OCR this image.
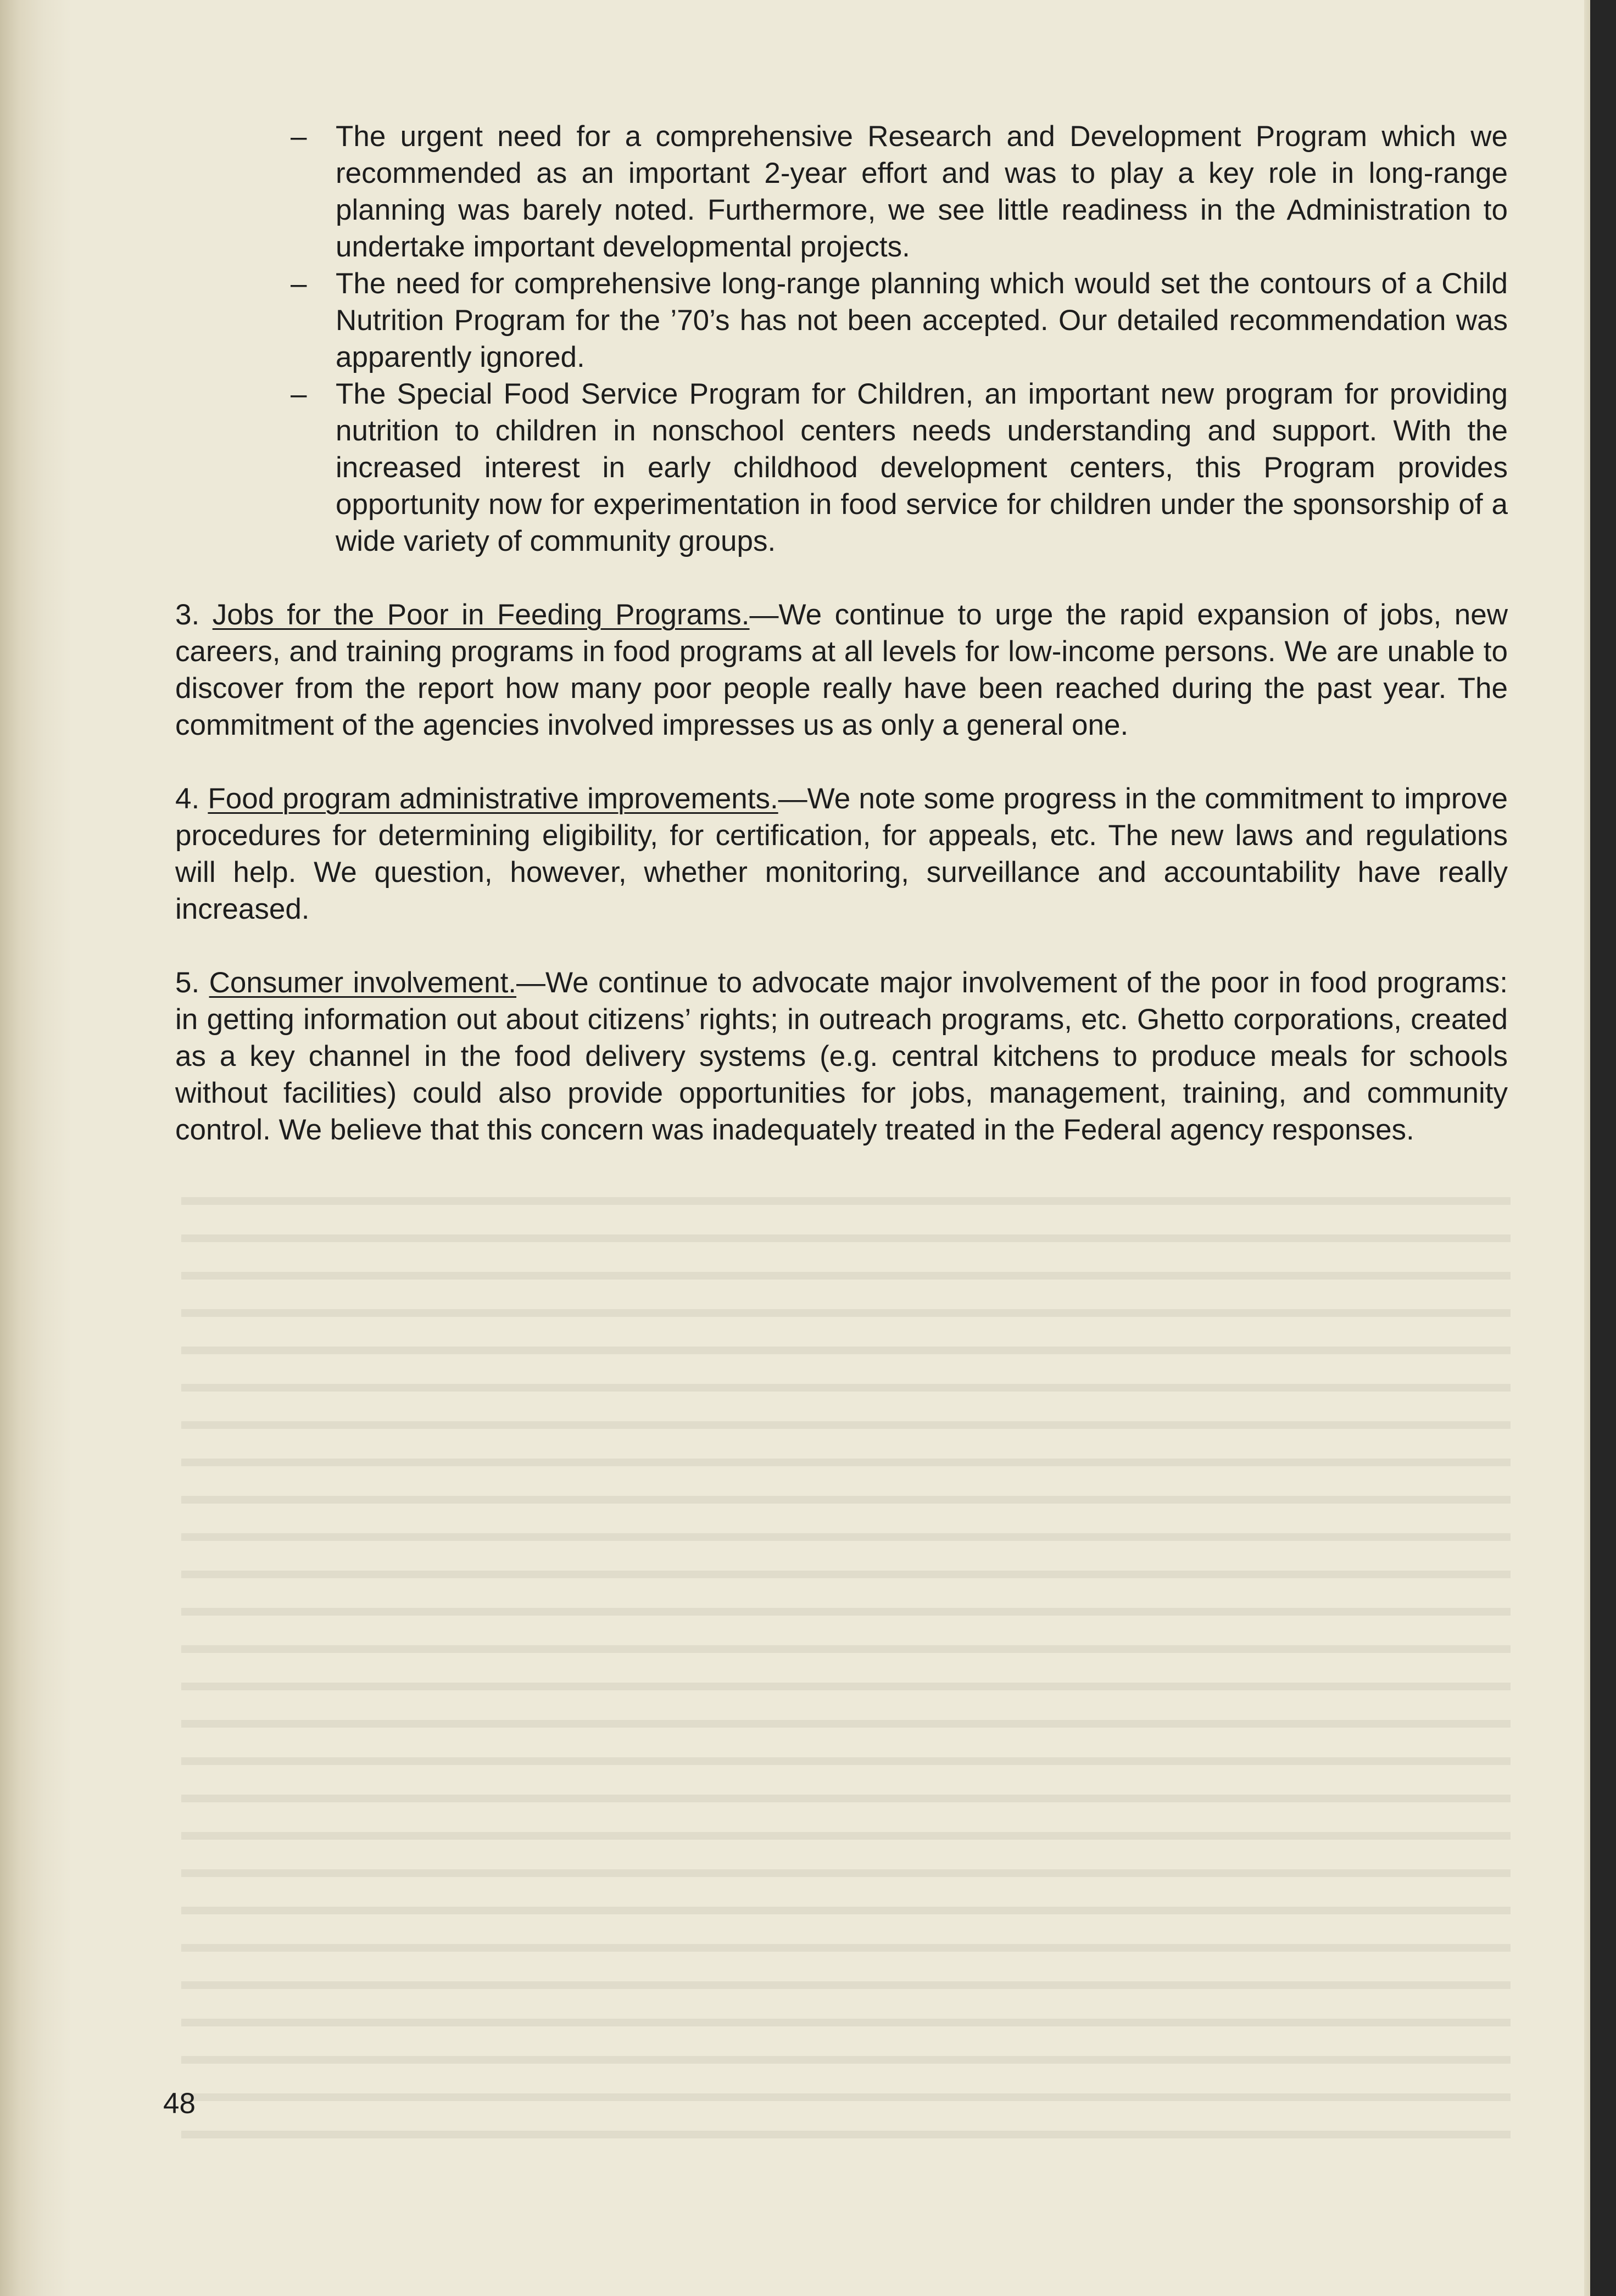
– The urgent need for a comprehensive Research and Development Program which we recommended as an important 2-year effort and was to play a key role in long-range planning was barely noted. Furthermore, we see little readiness in the Administration to undertake important developmental projects.
– The need for comprehensive long-range planning which would set the contours of a Child Nutrition Program for the ’70’s has not been accepted. Our detailed recommendation was apparently ignored.
– The Special Food Service Program for Children, an important new program for providing nutrition to children in nonschool centers needs understanding and support. With the increased interest in early childhood development centers, this Program provides opportunity now for experimentation in food service for children under the sponsorship of a wide variety of community groups.
3. Jobs for the Poor in Feeding Programs.—We continue to urge the rapid expansion of jobs, new careers, and training programs in food programs at all levels for low-income persons. We are unable to discover from the report how many poor people really have been reached during the past year. The commitment of the agencies involved impresses us as only a general one.
4. Food program administrative improvements.—We note some progress in the commitment to improve procedures for determining eligibility, for certification, for appeals, etc. The new laws and regulations will help. We question, however, whether monitoring, surveillance and accountability have really increased.
5. Consumer involvement.—We continue to advocate major involvement of the poor in food programs: in getting information out about citizens’ rights; in outreach programs, etc. Ghetto corporations, created as a key channel in the food delivery systems (e.g. central kitchens to produce meals for schools without facilities) could also provide opportunities for jobs, management, training, and community control. We believe that this concern was inadequately treated in the Federal agency responses.
48
